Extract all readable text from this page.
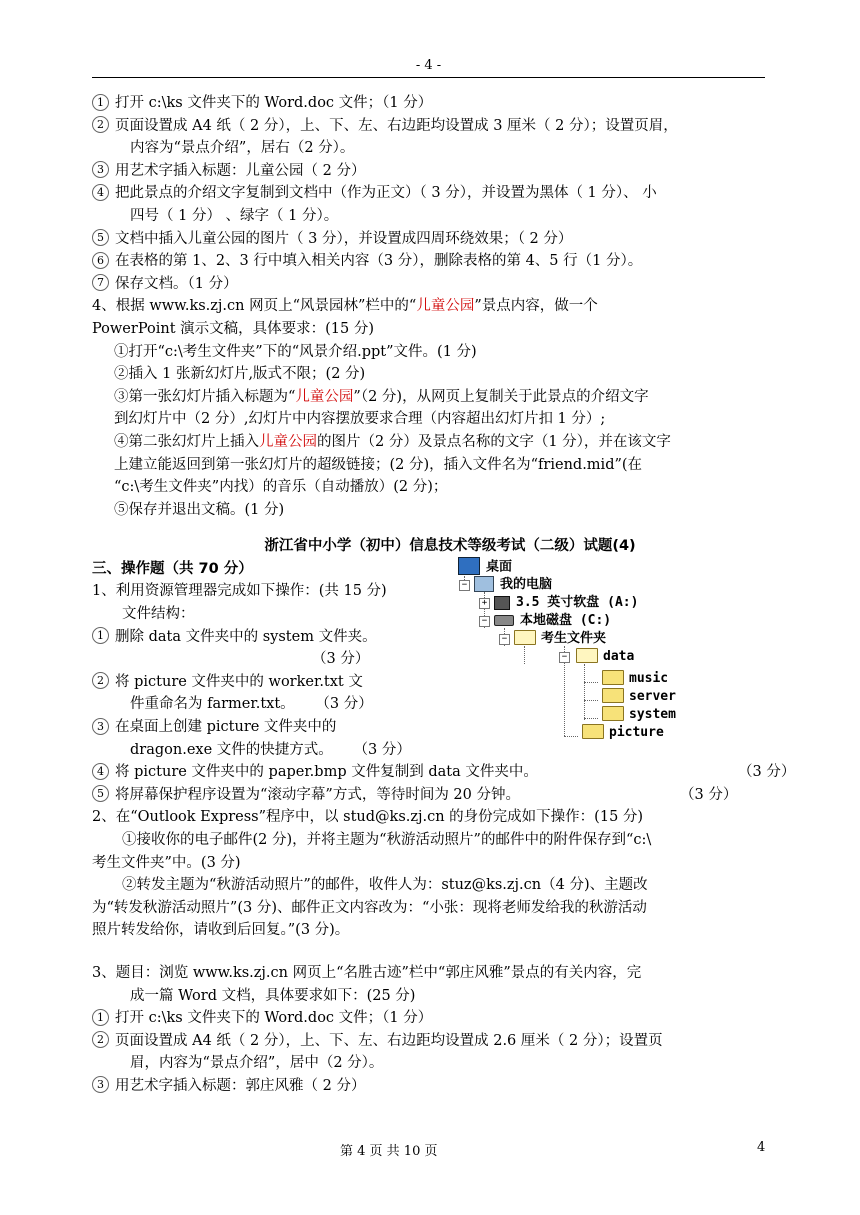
- 4 -
1 打开 c:\ks 文件夹下的 Word.doc 文件；（1 分）
2 页面设置成 A4 纸（ 2 分），上、下、左、右边距均设置成 3 厘米（ 2 分）；设置页眉，
内容为“景点介绍”，居右（2 分）。
3 用艺术字插入标题：儿童公园（ 2 分）
4 把此景点的介绍文字复制到文档中（作为正文）（ 3 分），并设置为黑体（ 1 分）、 小
四号（ 1 分） 、绿字（ 1 分）。
5 文档中插入儿童公园的图片（ 3 分），并设置成四周环绕效果；（ 2 分）
6 在表格的第 1、2、3 行中填入相关内容（3 分），删除表格的第 4、5 行（1 分）。
7 保存文档。（1 分）
4、根据 www.ks.zj.cn 网页上“风景园林”栏中的“儿童公园”景点内容，做一个
PowerPoint 演示文稿，具体要求：(15 分)
①打开“c:\考生文件夹”下的“风景介绍.ppt”文件。(1 分)
②插入 1 张新幻灯片,版式不限；(2 分)
③第一张幻灯片插入标题为“儿童公园”（2 分)，从网页上复制关于此景点的介绍文字
到幻灯片中（2 分）,幻灯片中内容摆放要求合理（内容超出幻灯片扣 1 分）;
④第二张幻灯片上插入儿童公园的图片（2 分）及景点名称的文字（1 分），并在该文字
上建立能返回到第一张幻灯片的超级链接；(2 分)，插入文件名为“friend.mid”(在
“c:\考生文件夹”内找）的音乐（自动播放）(2 分)；
⑤保存并退出文稿。(1 分)
浙江省中小学（初中）信息技术等级考试（二级）试题(4)
三、操作题（共 70 分）
1、利用资源管理器完成如下操作：(共 15 分)
文件结构：
1 删除 data 文件夹中的 system 文件夹。
（3 分）
2 将 picture 文件夹中的 worker.txt 文
件重命名为 farmer.txt。 （3 分）
3 在桌面上创建 picture 文件夹中的
dragon.exe 文件的快捷方式。 （3 分）
4 将 picture 文件夹中的 paper.bmp 文件复制到 data 文件夹中。	（3 分）
5 将屏幕保护程序设置为“滚动字幕”方式，等待时间为 20 分钟。	（3 分）
2、在“Outlook Express”程序中，以 stud@ks.zj.cn 的身份完成如下操作：(15 分)
①接收你的电子邮件(2 分)，并将主题为“秋游活动照片”的邮件中的附件保存到“c:\
考生文件夹”中。(3 分)
②转发主题为“秋游活动照片”的邮件，收件人为：stuz@ks.zj.cn（4 分)、主题改
为“转发秋游活动照片”(3 分)、邮件正文内容改为：“小张：现将老师发给我的秋游活动
照片转发给你，请收到后回复。”(3 分)。
3、题目：浏览 www.ks.zj.cn 网页上“名胜古迹”栏中“郭庄风雅”景点的有关内容，完
成一篇 Word 文档，具体要求如下：(25 分)
1 打开 c:\ks 文件夹下的 Word.doc 文件；（1 分）
2 页面设置成 A4 纸（ 2 分），上、下、左、右边距均设置成 2.6 厘米（ 2 分）；设置页
眉，内容为“景点介绍”，居中（2 分）。
3 用艺术字插入标题：郭庄风雅（ 2 分）
桌面
−	我的电脑
+	3.5 英寸软盘 (A:)
−	本地磁盘 (C:)
−	考生文件夹
−	data
music
server
system
picture
第 4 页 共 10 页	4
